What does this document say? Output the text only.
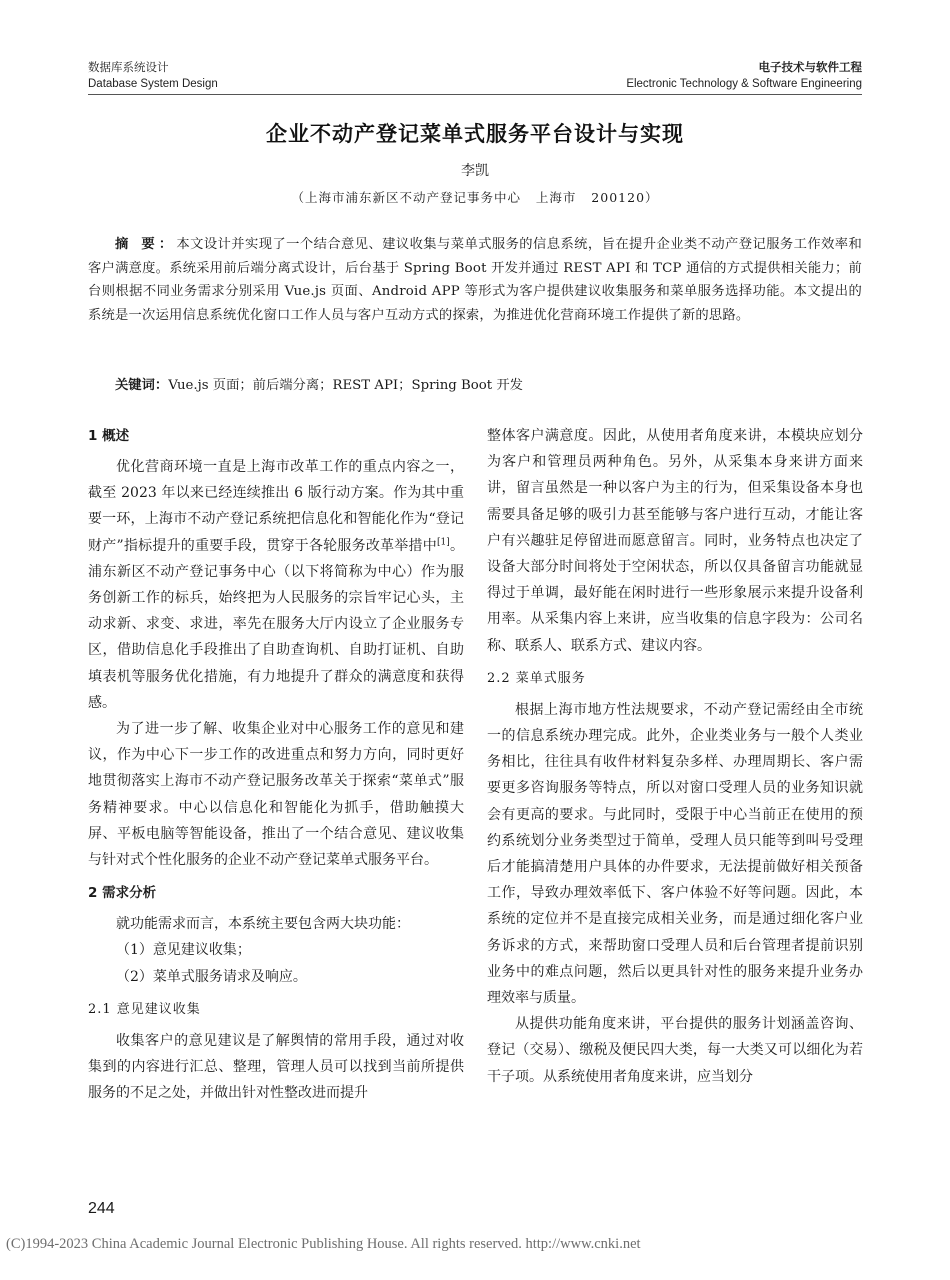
数据库系统设计
Database System Design
电子技术与软件工程
Electronic Technology & Software Engineering
企业不动产登记菜单式服务平台设计与实现
李凯
（上海市浦东新区不动产登记事务中心   上海市   200120）
摘 要：本文设计并实现了一个结合意见、建议收集与菜单式服务的信息系统，旨在提升企业类不动产登记服务工作效率和客户满意度。系统采用前后端分离式设计，后台基于 Spring Boot 开发并通过 REST API 和 TCP 通信的方式提供相关能力；前台则根据不同业务需求分别采用 Vue.js 页面、Android APP 等形式为客户提供建议收集服务和菜单服务选择功能。本文提出的系统是一次运用信息系统优化窗口工作人员与客户互动方式的探索，为推进优化营商环境工作提供了新的思路。
关键词：Vue.js 页面；前后端分离；REST API；Spring Boot 开发
1 概述

优化营商环境一直是上海市改革工作的重点内容之一，截至 2023 年以来已经连续推出 6 版行动方案。作为其中重要一环，上海市不动产登记系统把信息化和智能化作为“登记财产”指标提升的重要手段，贯穿于各轮服务改革举措中[1]。浦东新区不动产登记事务中心（以下将简称为中心）作为服务创新工作的标兵，始终把为人民服务的宗旨牢记心头，主动求新、求变、求进，率先在服务大厅内设立了企业服务专区，借助信息化手段推出了自助查询机、自助打证机、自助填表机等服务优化措施，有力地提升了群众的满意度和获得感。

为了进一步了解、收集企业对中心服务工作的意见和建议，作为中心下一步工作的改进重点和努力方向，同时更好地贯彻落实上海市不动产登记服务改革关于探索“菜单式”服务精神要求。中心以信息化和智能化为抓手，借助触摸大屏、平板电脑等智能设备，推出了一个结合意见、建议收集与针对式个性化服务的企业不动产登记菜单式服务平台。

2 需求分析

就功能需求而言，本系统主要包含两大块功能：

（1）意见建议收集；

（2）菜单式服务请求及响应。

2.1 意见建议收集

收集客户的意见建议是了解舆情的常用手段，通过对收集到的内容进行汇总、整理，管理人员可以找到当前所提供服务的不足之处，并做出针对性整改进而提升

整体客户满意度。因此，从使用者角度来讲，本模块应划分为客户和管理员两种角色。另外，从采集本身来讲方面来讲，留言虽然是一种以客户为主的行为，但采集设备本身也需要具备足够的吸引力甚至能够与客户进行互动，才能让客户有兴趣驻足停留进而愿意留言。同时，业务特点也决定了设备大部分时间将处于空闲状态，所以仅具备留言功能就显得过于单调，最好能在闲时进行一些形象展示来提升设备利用率。从采集内容上来讲，应当收集的信息字段为：公司名称、联系人、联系方式、建议内容。

2.2 菜单式服务

根据上海市地方性法规要求，不动产登记需经由全市统一的信息系统办理完成。此外，企业类业务与一般个人类业务相比，往往具有收件材料复杂多样、办理周期长、客户需要更多咨询服务等特点，所以对窗口受理人员的业务知识就会有更高的要求。与此同时，受限于中心当前正在使用的预约系统划分业务类型过于简单，受理人员只能等到叫号受理后才能搞清楚用户具体的办件要求，无法提前做好相关预备工作，导致办理效率低下、客户体验不好等问题。因此，本系统的定位并不是直接完成相关业务，而是通过细化客户业务诉求的方式，来帮助窗口受理人员和后台管理者提前识别业务中的难点问题，然后以更具针对性的服务来提升业务办理效率与质量。

从提供功能角度来讲，平台提供的服务计划涵盖咨询、登记（交易）、缴税及便民四大类，每一大类又可以细化为若干子项。从系统使用者角度来讲，应当划分

244
(C)1994-2023 China Academic Journal Electronic Publishing House. All rights reserved. http://www.cnki.net
